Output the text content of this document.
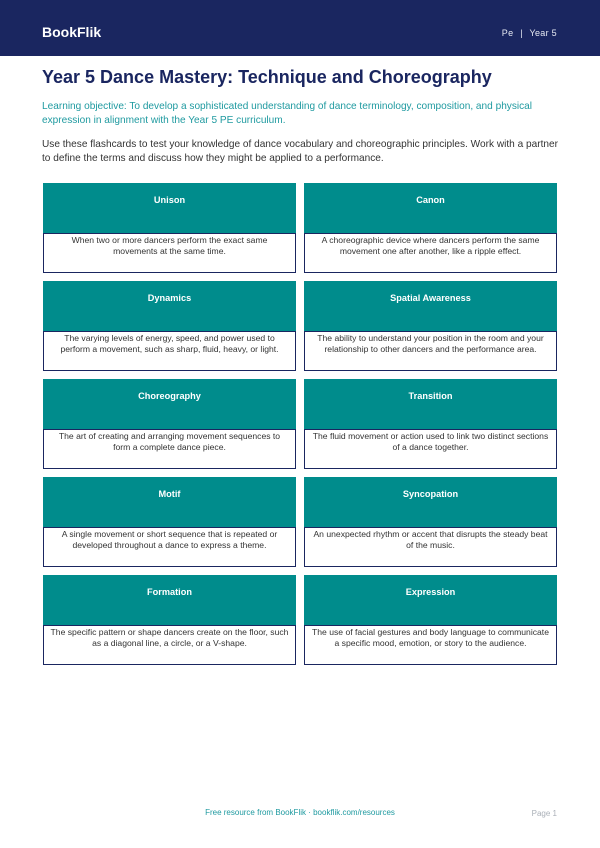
BookFlik	Pe | Year 5
Year 5 Dance Mastery: Technique and Choreography

Learning objective: To develop a sophisticated understanding of dance terminology, composition, and physical expression in alignment with the Year 5 PE curriculum.

Use these flashcards to test your knowledge of dance vocabulary and choreographic principles. Work with a partner to define the terms and discuss how they might be applied to a performance.

Unison
When two or more dancers perform the exact same movements at the same time.
Canon
A choreographic device where dancers perform the same movement one after another, like a ripple effect.
Dynamics
The varying levels of energy, speed, and power used to perform a movement, such as sharp, fluid, heavy, or light.
Spatial Awareness
The ability to understand your position in the room and your relationship to other dancers and the performance area.
Choreography
The art of creating and arranging movement sequences to form a complete dance piece.
Transition
The fluid movement or action used to link two distinct sections of a dance together.
Motif
A single movement or short sequence that is repeated or developed throughout a dance to express a theme.
Syncopation
An unexpected rhythm or accent that disrupts the steady beat of the music.
Formation
The specific pattern or shape dancers create on the floor, such as a diagonal line, a circle, or a V-shape.
Expression
The use of facial gestures and body language to communicate a specific mood, emotion, or story to the audience.
Free resource from BookFlik · bookflik.com/resources	Page 1
